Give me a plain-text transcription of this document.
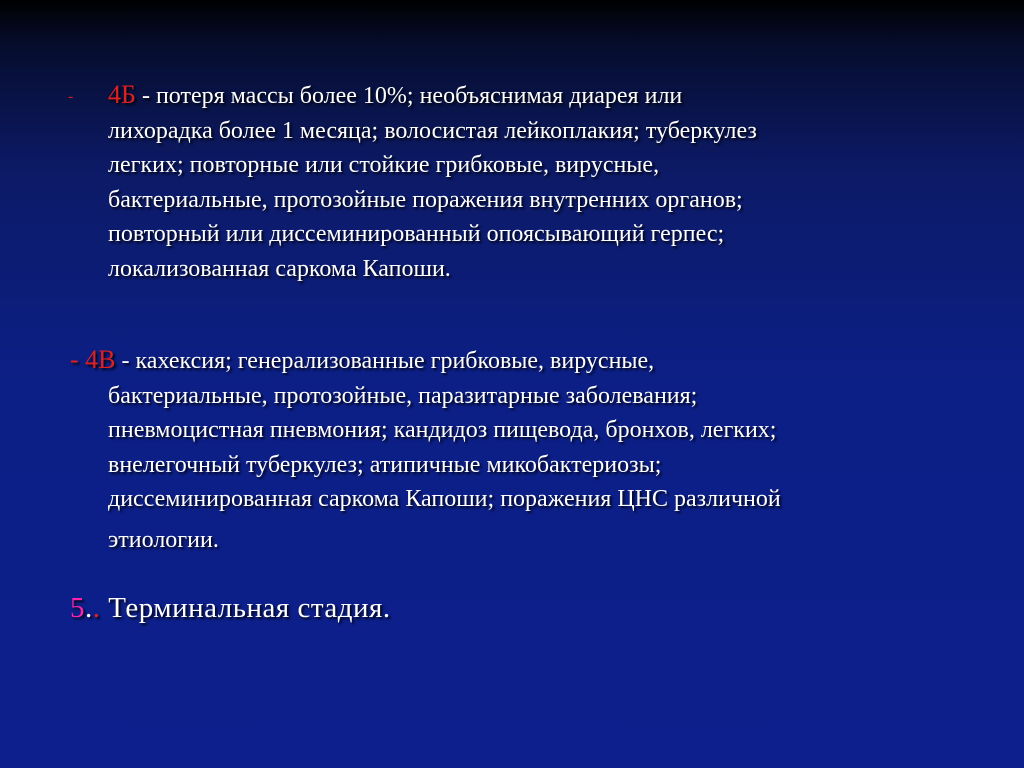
- 4Б - потеря массы более 10%; необъяснимая диарея или
лихорадка более 1 месяца; волосистая лейкоплакия; туберкулез
легких; повторные или стойкие грибковые, вирусные,
бактериальные, протозойные поражения внутренних органов;
повторный или диссеминированный опоясывающий герпес;
локализованная саркома Капоши.
- 4В - кахексия; генерализованные грибковые, вирусные,
бактериальные, протозойные, паразитарные заболевания;
пневмоцистная пневмония; кандидоз пищевода, бронхов, легких;
внелегочный туберкулез; атипичные микобактериозы;
диссеминированная саркома Капоши; поражения ЦНС различной
этиологии.
5.. Терминальная стадия.
